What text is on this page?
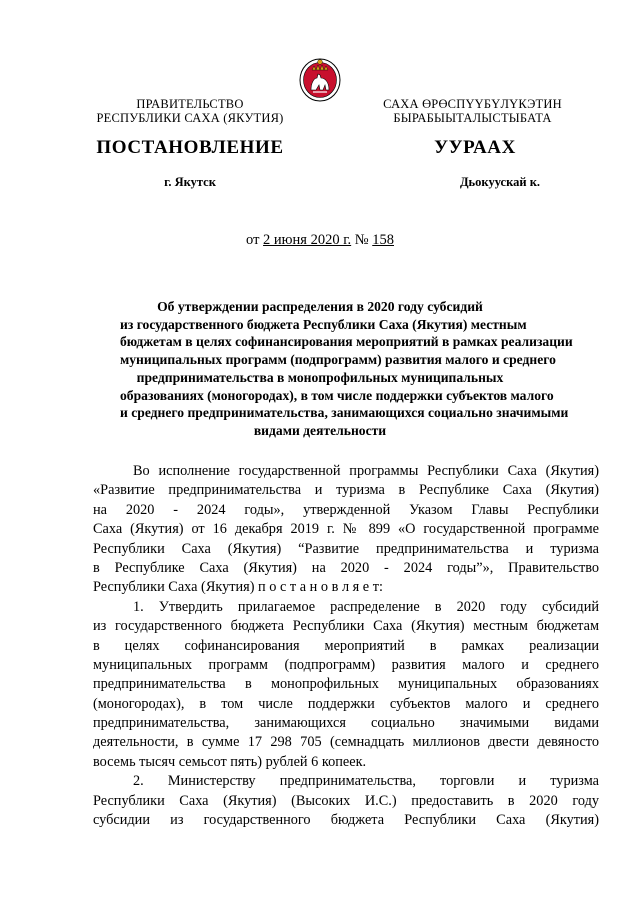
ПРАВИТЕЛЬСТВО
РЕСПУБЛИКИ САХА (ЯКУТИЯ)
САХА ӨРӨСПҮҮБҮЛҮКЭТИН
БЫРАБЫЫТАЛЫСТЫБАТА
ПОСТАНОВЛЕНИЕ	УУРААХ
г. Якутск	Дьокуускай к.
от 2 июня 2020 г. № 158
Об утверждении распределения в 2020 году субсидий
из государственного бюджета Республики Саха (Якутия) местным
бюджетам в целях софинансирования мероприятий в рамках реализации
муниципальных программ (подпрограмм) развития малого и среднего
предпринимательства в монопрофильных муниципальных
образованиях (моногородах), в том числе поддержки субъектов малого
и среднего предпринимательства, занимающихся социально значимыми
видами деятельности
Во исполнение государственной программы Республики Саха (Якутия)
«Развитие предпринимательства и туризма в Республике Саха (Якутия)
на 2020 - 2024 годы», утвержденной Указом Главы Республики
Саха (Якутия) от 16 декабря 2019 г. № 899 «О государственной программе
Республики Саха (Якутия) “Развитие предпринимательства и туризма
в Республике Саха (Якутия) на 2020 - 2024 годы”», Правительство
Республики Саха (Якутия) п о с т а н о в л я е т:
1. Утвердить прилагаемое распределение в 2020 году субсидий
из государственного бюджета Республики Саха (Якутия) местным бюджетам
в целях софинансирования мероприятий в рамках реализации
муниципальных программ (подпрограмм) развития малого и среднего
предпринимательства в монопрофильных муниципальных образованиях
(моногородах), в том числе поддержки субъектов малого и среднего
предпринимательства, занимающихся социально значимыми видами
деятельности, в сумме 17 298 705 (семнадцать миллионов двести девяносто
восемь тысяч семьсот пять) рублей 6 копеек.
2. Министерству предпринимательства, торговли и туризма
Республики Саха (Якутия) (Высоких И.С.) предоставить в 2020 году
субсидии из государственного бюджета Республики Саха (Якутия)
